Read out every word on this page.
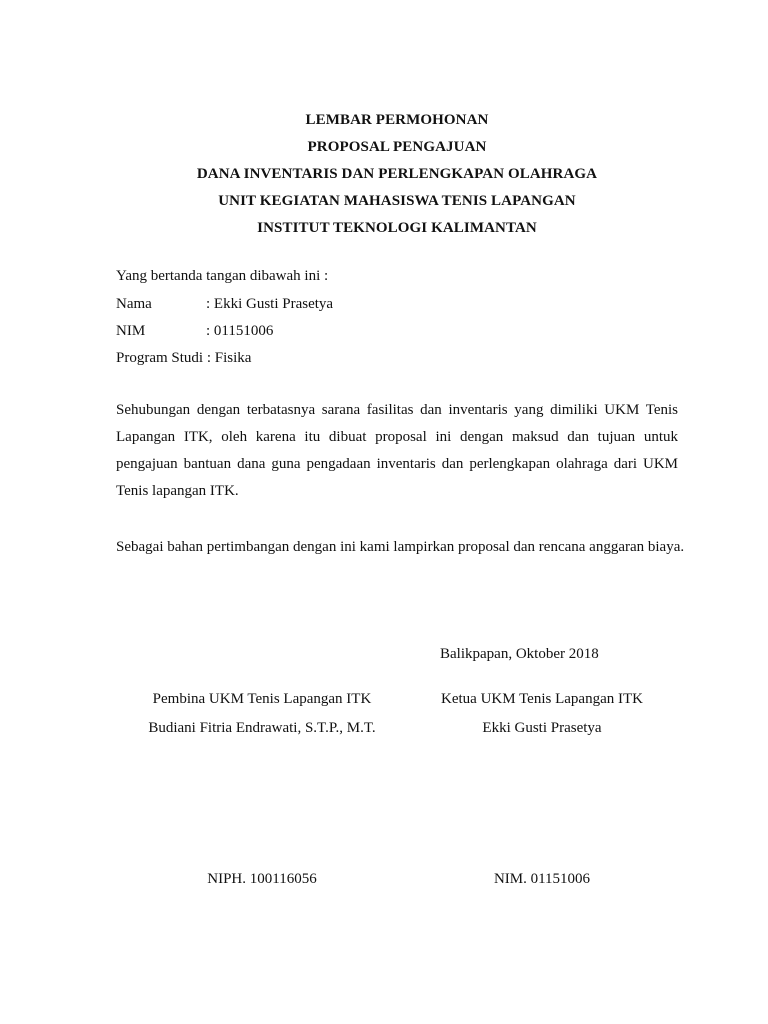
LEMBAR PERMOHONAN
PROPOSAL PENGAJUAN
DANA INVENTARIS DAN PERLENGKAPAN OLAHRAGA
UNIT KEGIATAN MAHASISWA TENIS LAPANGAN
INSTITUT TEKNOLOGI KALIMANTAN
Yang bertanda tangan dibawah ini :
Nama	: Ekki Gusti Prasetya
NIM	: 01151006
Program Studi : Fisika
Sehubungan dengan terbatasnya sarana fasilitas dan inventaris yang dimiliki UKM Tenis Lapangan ITK, oleh karena itu dibuat proposal ini dengan maksud dan tujuan untuk pengajuan bantuan dana guna pengadaan inventaris dan perlengkapan olahraga dari UKM Tenis lapangan ITK.
Sebagai bahan pertimbangan dengan ini kami lampirkan proposal dan rencana anggaran biaya.
Balikpapan, Oktober 2018
Pembina UKM Tenis Lapangan ITK	Ketua UKM Tenis Lapangan ITK
Budiani Fitria Endrawati, S.T.P., M.T.	Ekki Gusti Prasetya
NIPH. 100116056	NIM. 01151006
